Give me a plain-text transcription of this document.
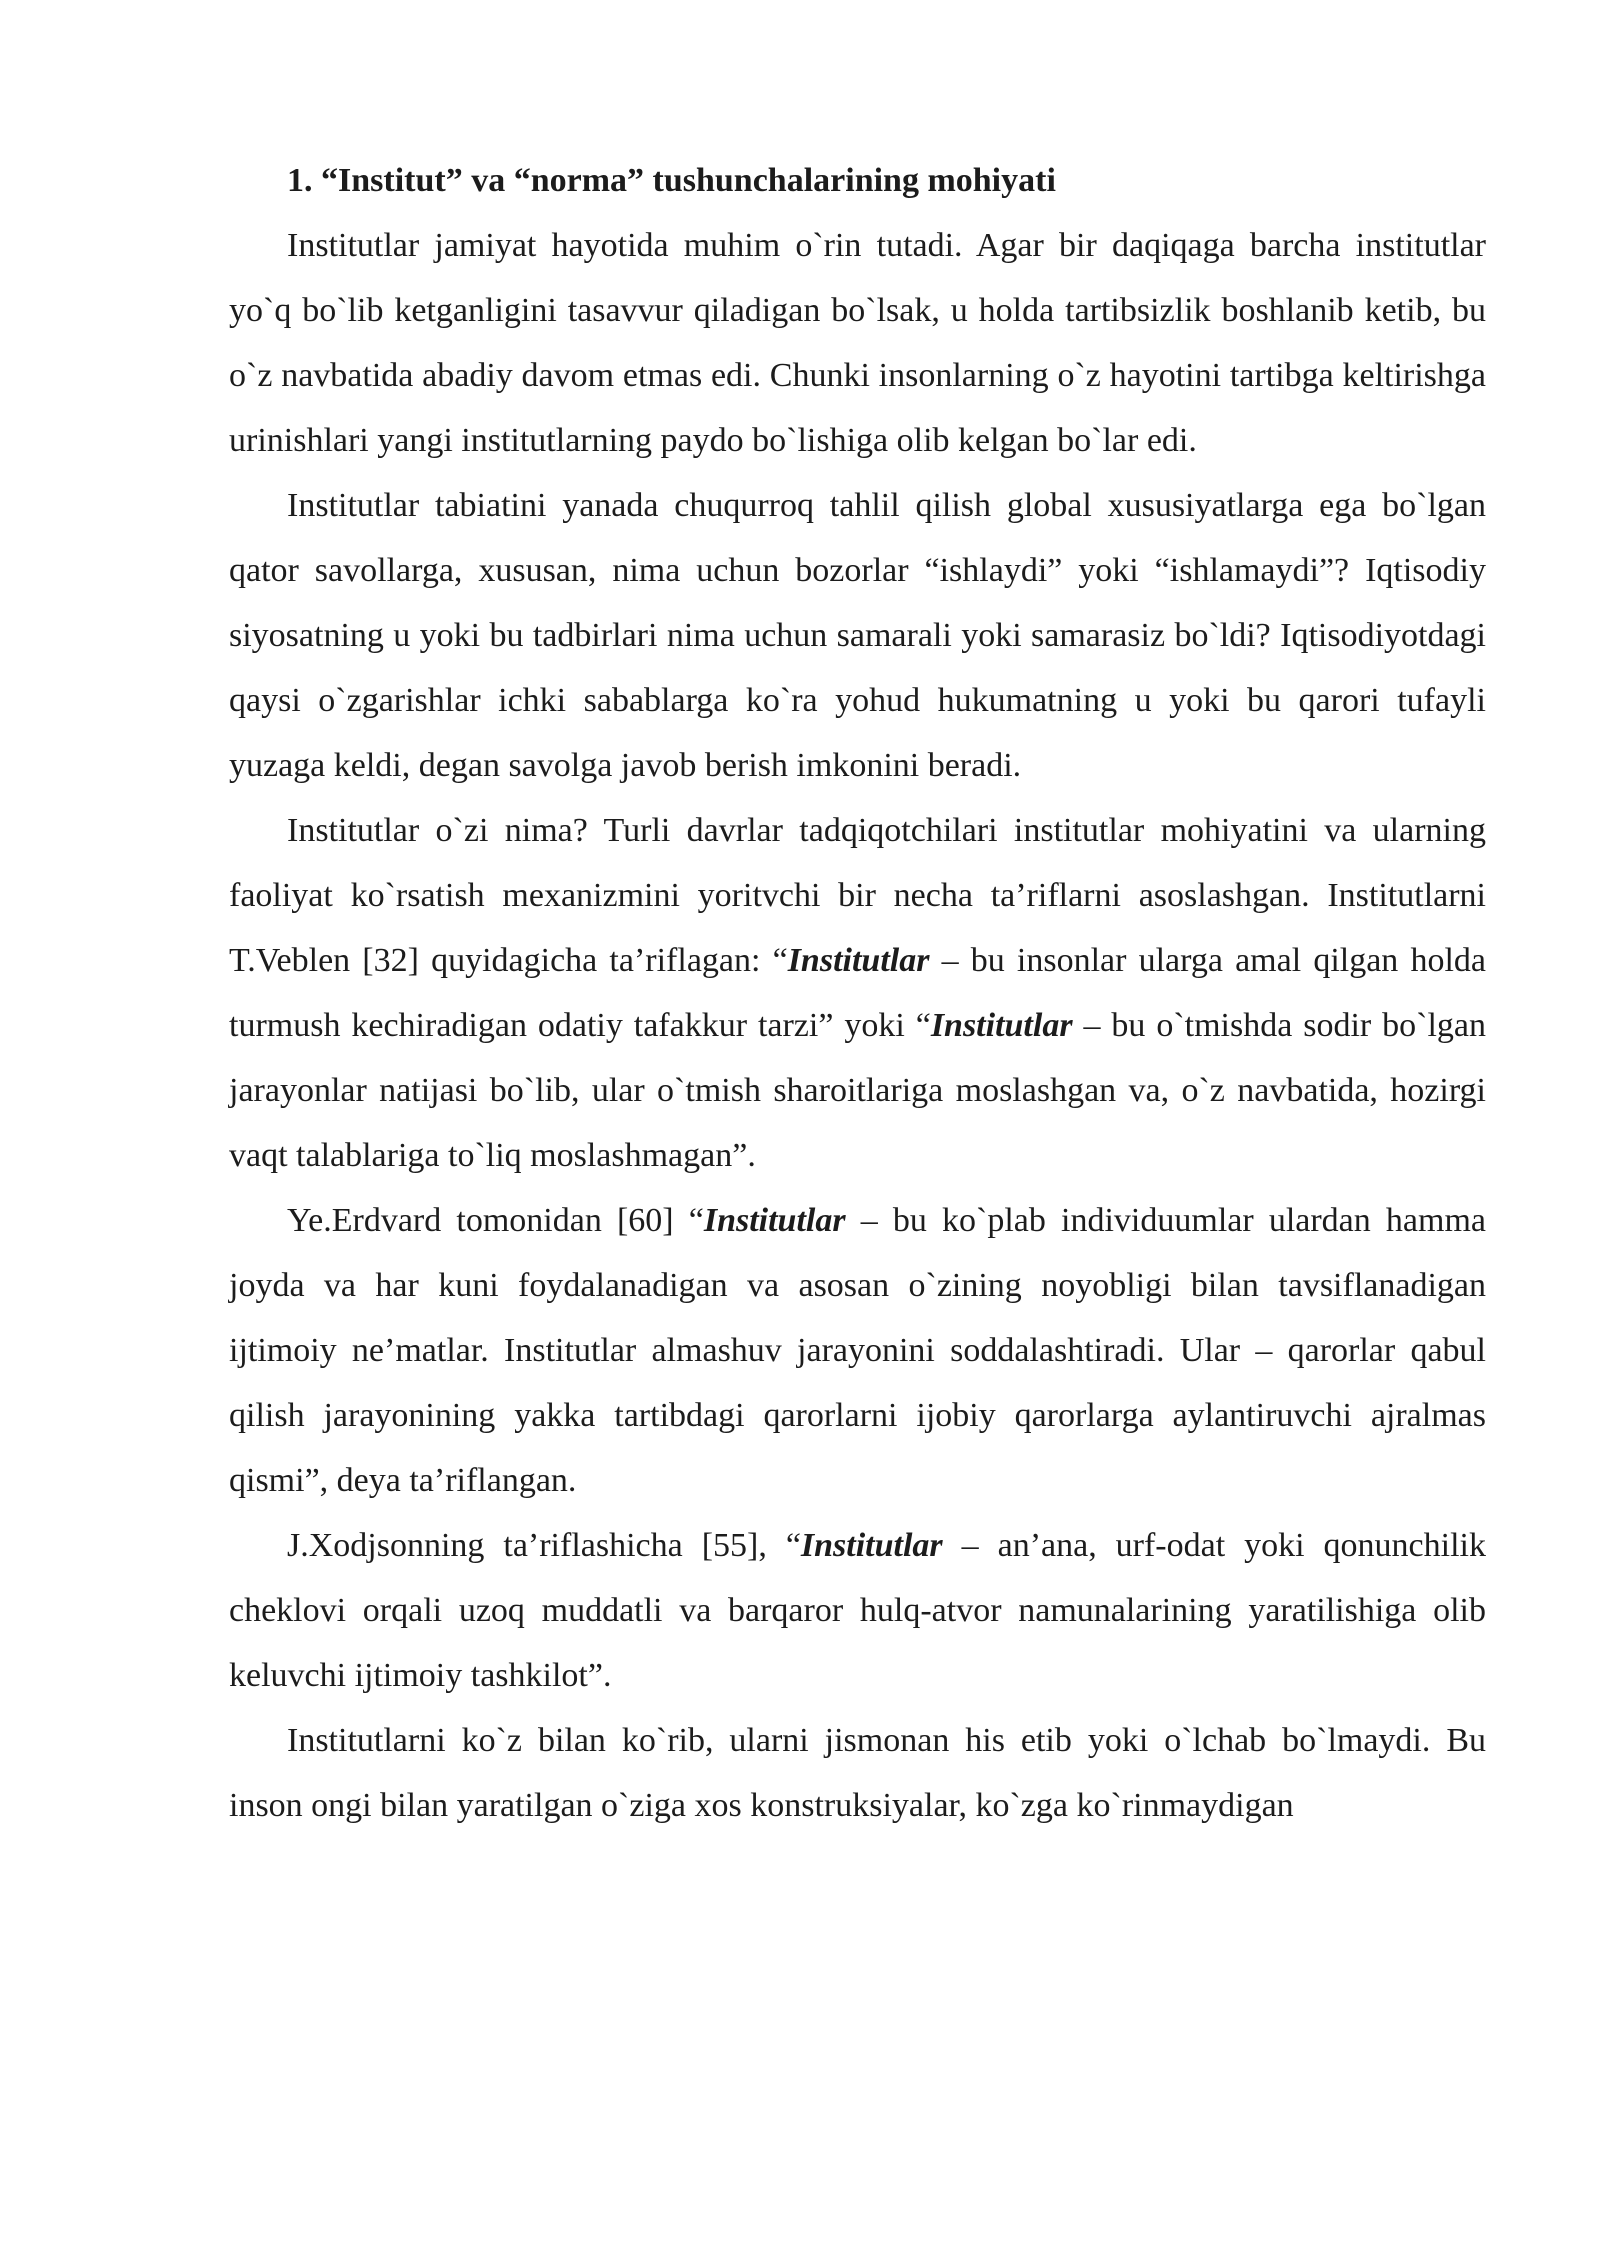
1. “Institut” va “norma” tushunchalarining mohiyati

Institutlar jamiyat hayotida muhim o`rin tutadi. Agar bir daqiqaga barcha institutlar yo`q bo`lib ketganligini tasavvur qiladigan bo`lsak, u holda tartibsizlik boshlanib ketib, bu o`z navbatida abadiy davom etmas edi. Chunki insonlarning o`z hayotini tartibga keltirishga urinishlari yangi institutlarning paydo bo`lishiga olib kelgan bo`lar edi.

Institutlar tabiatini yanada chuqurroq tahlil qilish global xususiyatlarga ega bo`lgan qator savollarga, xususan, nima uchun bozorlar “ishlaydi” yoki “ishlamaydi”? Iqtisodiy siyosatning u yoki bu tadbirlari nima uchun samarali yoki samarasiz bo`ldi? Iqtisodiyotdagi qaysi o`zgarishlar ichki sabablarga ko`ra yohud hukumatning u yoki bu qarori tufayli yuzaga keldi, degan savolga javob berish imkonini beradi.

Institutlar o`zi nima? Turli davrlar tadqiqotchilari institutlar mohiyatini va ularning faoliyat ko`rsatish mexanizmini yoritvchi bir necha ta’riflarni asoslashgan. Institutlarni T.Veblen [32] quyidagicha ta’riflagan: “Institutlar – bu insonlar ularga amal qilgan holda turmush kechiradigan odatiy tafakkur tarzi” yoki “Institutlar – bu o`tmishda sodir bo`lgan jarayonlar natijasi bo`lib, ular o`tmish sharoitlariga moslashgan va, o`z navbatida, hozirgi vaqt talablariga to`liq moslashmagan”.

Ye.Erdvard tomonidan [60] “Institutlar – bu ko`plab individuumlar ulardan hamma joyda va har kuni foydalanadigan va asosan o`zining noyobligi bilan tavsiflanadigan ijtimoiy ne’matlar. Institutlar almashuv jarayonini soddalashtiradi. Ular – qarorlar qabul qilish jarayonining yakka tartibdagi qarorlarni ijobiy qarorlarga aylantiruvchi ajralmas qismi”, deya ta’riflangan.

J.Xodjsonning ta’riflashicha [55], “Institutlar – an’ana, urf-odat yoki qonunchilik cheklovi orqali uzoq muddatli va barqaror hulq-atvor namunalarining yaratilishiga olib keluvchi ijtimoiy tashkilot”.

Institutlarni ko`z bilan ko`rib, ularni jismonan his etib yoki o`lchab bo`lmaydi. Bu inson ongi bilan yaratilgan o`ziga xos konstruksiyalar, ko`zga ko`rinmaydigan
